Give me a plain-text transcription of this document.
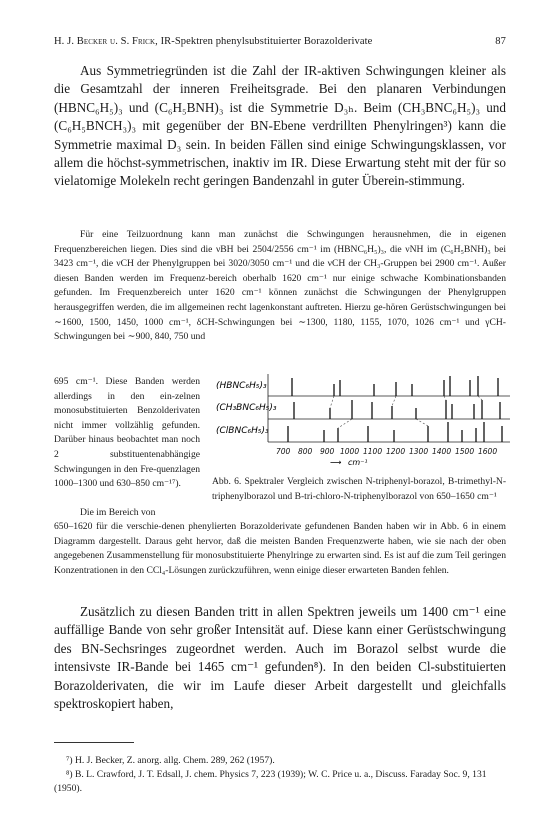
H. J. Becker u. S. Frick, IR-Spektren phenylsubstituierter Borazolderivate	87

Aus Symmetriegründen ist die Zahl der IR-aktiven Schwingungen kleiner als die Gesamtzahl der inneren Freiheitsgrade. Bei den planaren Verbindungen (HBNC₆H₅)₃ und (C₆H₅BNH)₃ ist die Symmetrie D₃ₕ. Beim (CH₃BNC₆H₅)₃ und (C₆H₅BNCH₃)₃ mit gegenüber der BN-Ebene verdrillten Phenylringen³) kann die Symmetrie maximal D₃ sein. In beiden Fällen sind einige Schwingungsklassen, vor allem die höchst-symmetrischen, inaktiv im IR. Diese Erwartung steht mit der für so vielatomige Molekeln recht geringen Bandenzahl in guter Überein-stimmung.

Für eine Teilzuordnung kann man zunächst die Schwingungen herausnehmen, die in eigenen Frequenzbereichen liegen. Dies sind die νBH bei 2504/2556 cm⁻¹ im (HBNC₆H₅)₃, die νNH im (C₆H₅BNH)₃ bei 3423 cm⁻¹, die νCH der Phenylgruppen bei 3020/3050 cm⁻¹ und die νCH der CH₃-Gruppen bei 2900 cm⁻¹. Außer diesen Banden werden im Frequenz-bereich oberhalb 1620 cm⁻¹ nur einige schwache Kombinationsbanden gefunden. Im Frequenzbereich unter 1620 cm⁻¹ können zunächst die Schwingungen der Phenylgruppen herausgegriffen werden, die im allgemeinen recht lagenkonstant auftreten. Hierzu ge-hören Gerüstschwingungen bei ∼1600, 1500, 1450, 1000 cm⁻¹, δCH-Schwingungen bei ∼1300, 1180, 1155, 1070, 1026 cm⁻¹ und γCH-Schwingungen bei ∼900, 840, 750 und

695 cm⁻¹. Diese Banden werden allerdings in den ein-zelnen monosubstituierten Benzolderivaten nicht immer vollzählig gefunden. Darüber hinaus beobachtet man noch 2 substituentenabhängige Schwingungen in den Fre-quenzlagen 1000–1300 und 630–850 cm⁻¹⁷).

Die im Bereich von

650–1620 für die verschie-denen phenylierten Borazolderivate gefundenen Banden haben wir in Abb. 6 in einem Diagramm dargestellt. Daraus geht hervor, daß die meisten Banden Frequenzwerte haben, wie sie nach der oben angegebenen Zusammenstellung für monosubstituierte Phenylringe zu erwarten sind. Es ist auf die zum Teil geringen Konzentrationen in den CCl₄-Lösungen zurückzuführen, wenn einige dieser erwarteten Banden fehlen.

(HBNC₆H₅)₃
(CH₃BNC₆H₅)₃
(ClBNC₆H₅)₃
700 800 900 1000 1100 1200 1300 1400 1500 1600
⟶ cm⁻¹

Abb. 6. Spektraler Vergleich zwischen N-triphenyl-borazol, B-trimethyl-N-triphenylborazol und B-tri-chloro-N-triphenylborazol von 650–1650 cm⁻¹

Zusätzlich zu diesen Banden tritt in allen Spektren jeweils um 1400 cm⁻¹ eine auffällige Bande von sehr großer Intensität auf. Diese kann einer Gerüstschwingung des BN-Sechsringes zugeordnet werden. Auch im Borazol selbst wurde die intensivste IR-Bande bei 1465 cm⁻¹ gefunden⁸). In den beiden Cl-substituierten Borazolderivaten, die wir im Laufe dieser Arbeit dargestellt und gleichfalls spektroskopiert haben,

⁷) H. J. Becker, Z. anorg. allg. Chem. 289, 262 (1957).
⁸) B. L. Crawford, J. T. Edsall, J. chem. Physics 7, 223 (1939); W. C. Price u. a., Discuss. Faraday Soc. 9, 131 (1950).
